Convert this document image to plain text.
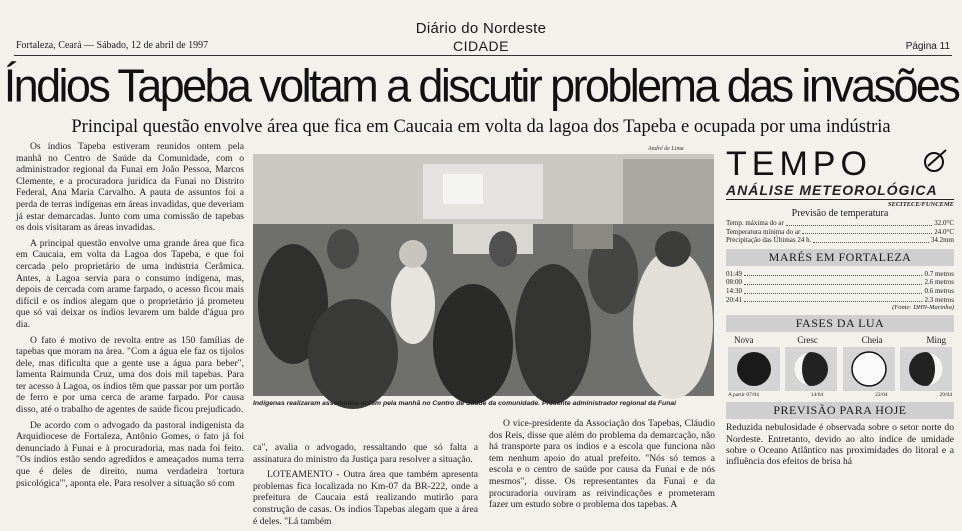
Diário do Nordeste
Fortaleza, Ceará — Sábado, 12 de abril de 1997	CIDADE	Página 11
Índios Tapeba voltam a discutir problema das invasões
Principal questão envolve área que fica em Caucaia em volta da lagoa dos Tapeba e ocupada por uma indústria

Os índios Tapeba estiveram reunidos ontem pela manhã no Centro de Saúde da Comunidade, com o administrador regional da Funai em João Pessoa, Marcos Clemente, e a procuradora jurídica da Funai no Distrito Federal, Ana Maria Carvalho. A pauta de assuntos foi a perda de terras indígenas em áreas invadidas, que deveriam já estar demarcadas. Junto com uma comissão de tapebas os dois visitaram as áreas invadidas.

A principal questão envolve uma grande área que fica em Caucaia, em volta da Lagoa dos Tapeba, e que foi cercada pelo proprietário de uma indústria Cerâmica. Antes, a Lagoa servia para o consumo indígena, mas, depois de cercada com arame farpado, o acesso ficou mais difícil e os índios alegam que o proprietário já prometeu que só vai deixar os índios levarem um balde d'água pro dia.

O fato é motivo de revolta entre as 150 famílias de tapebas que moram na área. "Com a água ele faz os tijolos dele, mas dificulta que a gente use a água para beber", lamenta Raimunda Cruz, uma dos dois mil tapebas. Para ter acesso à Lagoa, os índios têm que passar por um portão de ferro e por uma cerca de arame farpado. Por causa disso, até o trabalho de agentes de saúde ficou prejudicado.

De acordo com o advogado da pastoral indigenista da Arquidiocese de Fortaleza, Antônio Gomes, o fato já foi denunciado à Funai e à procuradoria, mas nada foi feito. "Os índios estão sendo agredidos e ameaçados numa terra que é deles de direito, numa verdadeira 'tortura psicológica'", aponta ele. Para resolver a situação só com

André de Lima
Indígenas realizaram assembléia ontem pela manhã no Centro de Saúde da comunidade. Presente administrador regional da Funai

ca", avalia o advogado, ressaltando que só falta a assinatura do ministro da Justiça para resolver a situação.

LOTEAMENTO - Outra área que também apresenta problemas fica localizada no Km-07 da BR-222, onde a prefeitura de Caucaia está realizando mutirão para construção de casas. Os índios Tapebas alegam que a área é deles. "Lá também

O vice-presidente da Associação dos Tapebas, Cláudio dos Reis, disse que além do problema da demarcação, não há transporte para os índios e a escola que funciona não tem nenhum apoio do atual prefeito. "Nós só temos a escola e o centro de saúde por causa da Funai e de nós mesmos", disse. Os representantes da Funai e da procuradoria ouviram as reivindicações e prometeram fazer um estudo sobre o problema dos tapebas. A

TEMPO
ANÁLISE METEOROLÓGICA
SECITECE/FUNCEME
Previsão de temperatura
Temp. máxima do ar	32.0°C
Temperatura mínima do ar	24.0°C
Precipitação das Últimas 24 h.	34.2mm
MARÉS EM FORTALEZA
01:49	0.7 metros
08:00	2.6 metros
14:30	0.6 metros
20:41	2.3 metros
(Fonte: DHN-Marinha)
FASES DA LUA
Nova	Cresc	Cheia	Ming
A partir 07/04	14/04	22/04	29/04
PREVISÃO PARA HOJE
Reduzida nebulosidade é observada sobre o setor norte do Nordeste. Entretanto, devido ao alto índice de umidade sobre o Oceano Atlântico nas proximidades do litoral e a influência dos efeitos de brisa há
